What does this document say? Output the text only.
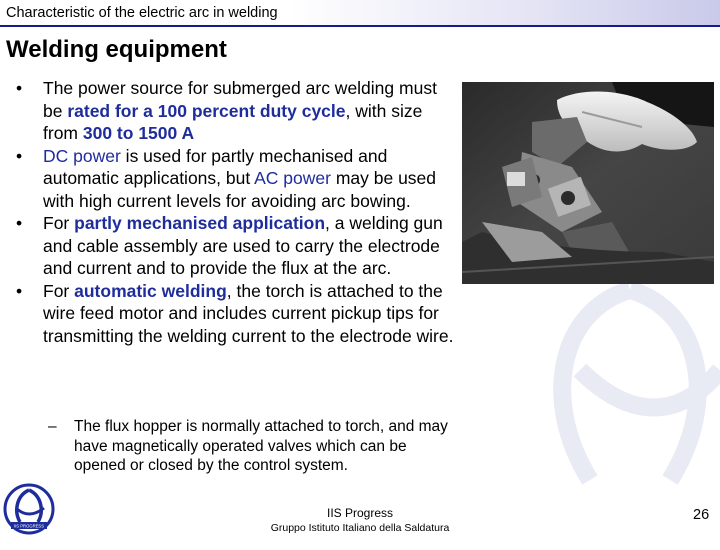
Characteristic of the electric arc in welding
Welding equipment
• The power source for submerged arc welding must be rated for a 100 percent duty cycle, with size from 300 to 1500 A
• DC power is used for partly mechanised and automatic applications, but AC power may be used with high current levels for avoiding arc bowing.
• For partly mechanised application, a welding gun and cable assembly are used to carry the electrode and current and to provide the flux at the arc.
• For automatic welding, the torch is attached to the wire feed motor and includes current pickup tips for transmitting the welding current to the electrode wire.
–	The flux hopper is normally attached to torch, and may have magnetically operated valves which can be opened or closed by the control system.
IIS PROGRESS
IIS Progress
Gruppo Istituto Italiano della Saldatura
26
